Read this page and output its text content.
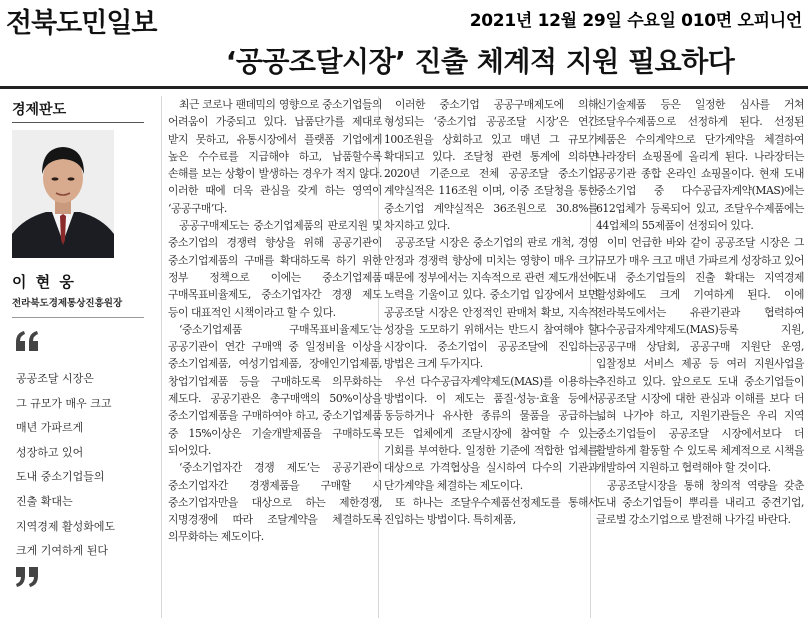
전북도민일보	2021년 12월 29일 수요일 010면 오피니언
‘공공조달시장’ 진출 체계적 지원 필요하다
경제판도
이 현 웅
전라북도경제통상진흥원장
공공조달 시장은
그 규모가 매우 크고
매년 가파르게
성장하고 있어
도내 중소기업들의
진출 확대는
지역경제 활성화에도
크게 기여하게 된다

최근 코로나 팬데믹의 영향으로 중소기업들의 어려움이 가중되고 있다. 납품단가를 제대로 받지 못하고, 유통시장에서 플랫폼 기업에게 높은 수수료를 지급해야 하고, 납품할수록 손해를 보는 상황이 발생하는 경우가 적지 않다. 이러한 때에 더욱 관심을 갖게 하는 영역이 ‘공공구매’다.

공공구매제도는 중소기업제품의 판로지원 및 중소기업의 경쟁력 향상을 위해 공공기관이 중소기업제품의 구매를 확대하도록 하기 위한 정부 정책으로 이에는 중소기업제품 구매목표비율제도, 중소기업자간 경쟁 제도 등이 대표적인 시책이라고 할 수 있다.

‘중소기업제품 구매목표비율제도’는 공공기관이 연간 구매액 중 일정비율 이상을 중소기업제품, 여성기업제품, 장애인기업제품, 창업기업제품 등을 구매하도록 의무화하는 제도다. 공공기관은 총구매액의 50%이상을 중소기업제품을 구매하여야 하고, 중소기업제품 중 15%이상은 기술개발제품을 구매하도록 되어있다.

‘중소기업자간 경쟁 제도’는 공공기관이 중소기업자간 경쟁제품을 구매할 시 중소기업자만을 대상으로 하는 제한경쟁, 지명경쟁에 따라 조달계약을 체결하도록 의무화하는 제도이다.

이러한 중소기업 공공구매제도에 의해 형성되는 ‘중소기업 공공조달 시장’은 연간 100조원을 상회하고 있고 매년 그 규모가 확대되고 있다. 조달청 관련 통계에 의하면 2020년 기준으로 전체 공공조달 중소기업 계약실적은 116조원 이며, 이중 조달청을 통한 중소기업 계약실적은 36조원으로 30.8%를 차지하고 있다.

공공조달 시장은 중소기업의 판로 개척, 경영 안정과 경쟁력 향상에 미치는 영향이 매우 크기 때문에 정부에서는 지속적으로 관련 제도개선에 노력을 기울이고 있다. 중소기업 입장에서 보면 공공조달 시장은 안정적인 판매처 확보, 지속적 성장을 도모하기 위해서는 반드시 참여해야 할 시장이다. 중소기업이 공공조달에 진입하는 방법은 크게 두가지다.

우선 다수공급자계약제도(MAS)를 이용하는 방법이다. 이 제도는 품질·성능·효율 등에서 동등하거나 유사한 종류의 물품을 공급하는 모든 업체에게 조달시장에 참여할 수 있는 기회를 부여한다. 일정한 기준에 적합한 업체를 대상으로 가격협상을 실시하여 다수의 기관과 단가계약을 체결하는 제도이다.

또 하나는 조달우수제품선정제도를 통해서 진입하는 방법이다. 특히제품,

신기술제품 등은 일정한 심사를 거쳐 조달우수제품으로 선정하게 된다. 선정된 제품은 수의계약으로 단가계약을 체결하여 나라장터 쇼핑몰에 올리게 된다. 나라장터는 공공기관 종합 온라인 쇼핑몰이다. 현재 도내 중소기업 중 다수공급자계약(MAS)에는 612업체가 등록되어 있고, 조달우수제품에는 44업체의 55제품이 선정되어 있다.

이미 언급한 바와 같이 공공조달 시장은 그 규모가 매우 크고 매년 가파르게 성장하고 있어 도내 중소기업들의 진출 확대는 지역경제 활성화에도 크게 기여하게 된다. 이에 전라북도에서는 유관기관과 협력하여 다수공급자계약제도(MAS)등록 지원, 공공구매 상담회, 공공구매 지원단 운영, 입찰정보 서비스 제공 등 여러 지원사업을 추진하고 있다. 앞으로도 도내 중소기업들이 공공조달 시장에 대한 관심과 이해를 보다 더 넓혀 나가야 하고, 지원기관들은 우리 지역 중소기업들이 공공조달 시장에서보다 더 활발하게 활동할 수 있도록 체계적으로 시책을 개발하여 지원하고 협력해야 할 것이다.

공공조달시장을 통해 창의적 역량을 갖춘 도내 중소기업들이 뿌리를 내리고 중견기업, 글로벌 강소기업으로 발전해 나가길 바란다.
